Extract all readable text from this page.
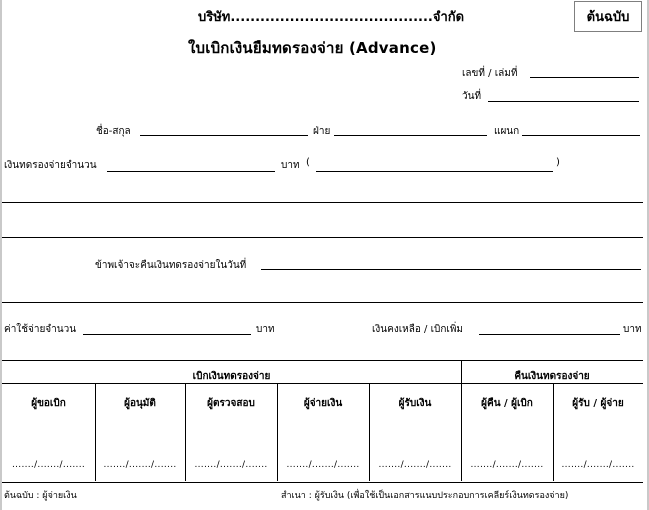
บริษัท.........................................จำกัด	ต้นฉบับ
ใบเบิกเงินยืมทดรองจ่าย (Advance)
เลขที่ / เล่มที่
วันที่
ชื่อ-สกุล	ฝ่าย	แผนก
เงินทดรองจ่ายจำนวน	บาท (	)
ข้าพเจ้าจะคืนเงินทดรองจ่ายในวันที่
ค่าใช้จ่ายจำนวน	บาท	เงินคงเหลือ / เบิกเพิ่ม	บาท
เบิกเงินทดรองจ่าย	คืนเงินทดรองจ่าย
ผู้ขอเบิก	ผู้อนุมัติ	ผู้ตรวจสอบ	ผู้จ่ายเงิน	ผู้รับเงิน	ผู้คืน / ผู้เบิก	ผู้รับ / ผู้จ่าย
......./......./.......	......./......./.......	......./......./.......	......./......./.......	......./......./.......	......./......./.......	......./......./.......
ต้นฉบับ : ผู้จ่ายเงิน	สำเนา : ผู้รับเงิน (เพื่อใช้เป็นเอกสารแนบประกอบการเคลียร์เงินทดรองจ่าย)
